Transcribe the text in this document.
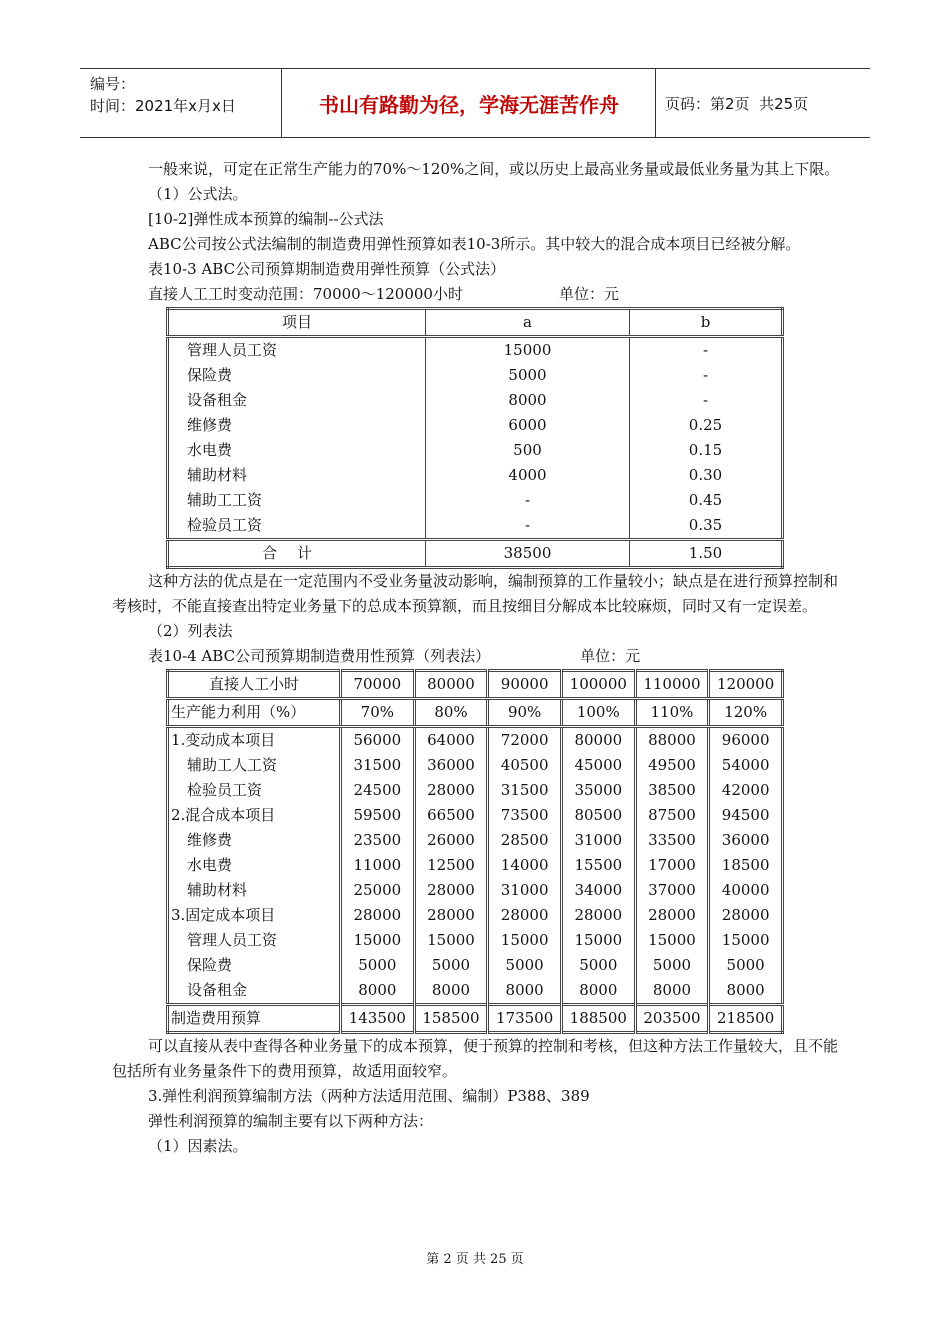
编号：
时间：2021年x月x日	书山有路勤为径，学海无涯苦作舟	页码：第2页  共25页

一般来说，可定在正常生产能力的70%～120%之间，或以历史上最高业务量或最低业务量为其上下限。

（1）公式法。

[10-2]弹性成本预算的编制--公式法

ABC公司按公式法编制的制造费用弹性预算如表10-3所示。其中较大的混合成本项目已经被分解。

表10-3 ABC公司预算期制造费用弹性预算（公式法）

直接人工工时变动范围：70000～120000小时	单位：元

项目	a	b
管理人员工资	15000	-
保险费	5000	-
设备租金	8000	-
维修费	6000	0.25
水电费	500	0.15
辅助材料	4000	0.30
辅助工工资	-	0.45
检验员工资	-	0.35
合计	38500	1.50

这种方法的优点是在一定范围内不受业务量波动影响，编制预算的工作量较小；缺点是在进行预算控制和考核时，不能直接查出特定业务量下的总成本预算额，而且按细目分解成本比较麻烦，同时又有一定误差。

（2）列表法

表10-4 ABC公司预算期制造费用性预算（列表法）	单位：元

直接人工小时	70000	80000	90000	100000	110000	120000
生产能力利用（%）	70%	80%	90%	100%	110%	120%
1.变动成本项目	56000	64000	72000	80000	88000	96000
辅助工人工资	31500	36000	40500	45000	49500	54000
检验员工资	24500	28000	31500	35000	38500	42000
2.混合成本项目	59500	66500	73500	80500	87500	94500
维修费	23500	26000	28500	31000	33500	36000
水电费	11000	12500	14000	15500	17000	18500
辅助材料	25000	28000	31000	34000	37000	40000
3.固定成本项目	28000	28000	28000	28000	28000	28000
管理人员工资	15000	15000	15000	15000	15000	15000
保险费	5000	5000	5000	5000	5000	5000
设备租金	8000	8000	8000	8000	8000	8000
制造费用预算	143500	158500	173500	188500	203500	218500

可以直接从表中查得各种业务量下的成本预算，便于预算的控制和考核，但这种方法工作量较大，且不能包括所有业务量条件下的费用预算，故适用面较窄。

3.弹性利润预算编制方法（两种方法适用范围、编制）P388、389

弹性利润预算的编制主要有以下两种方法：

（1）因素法。

第 2 页 共 25 页
